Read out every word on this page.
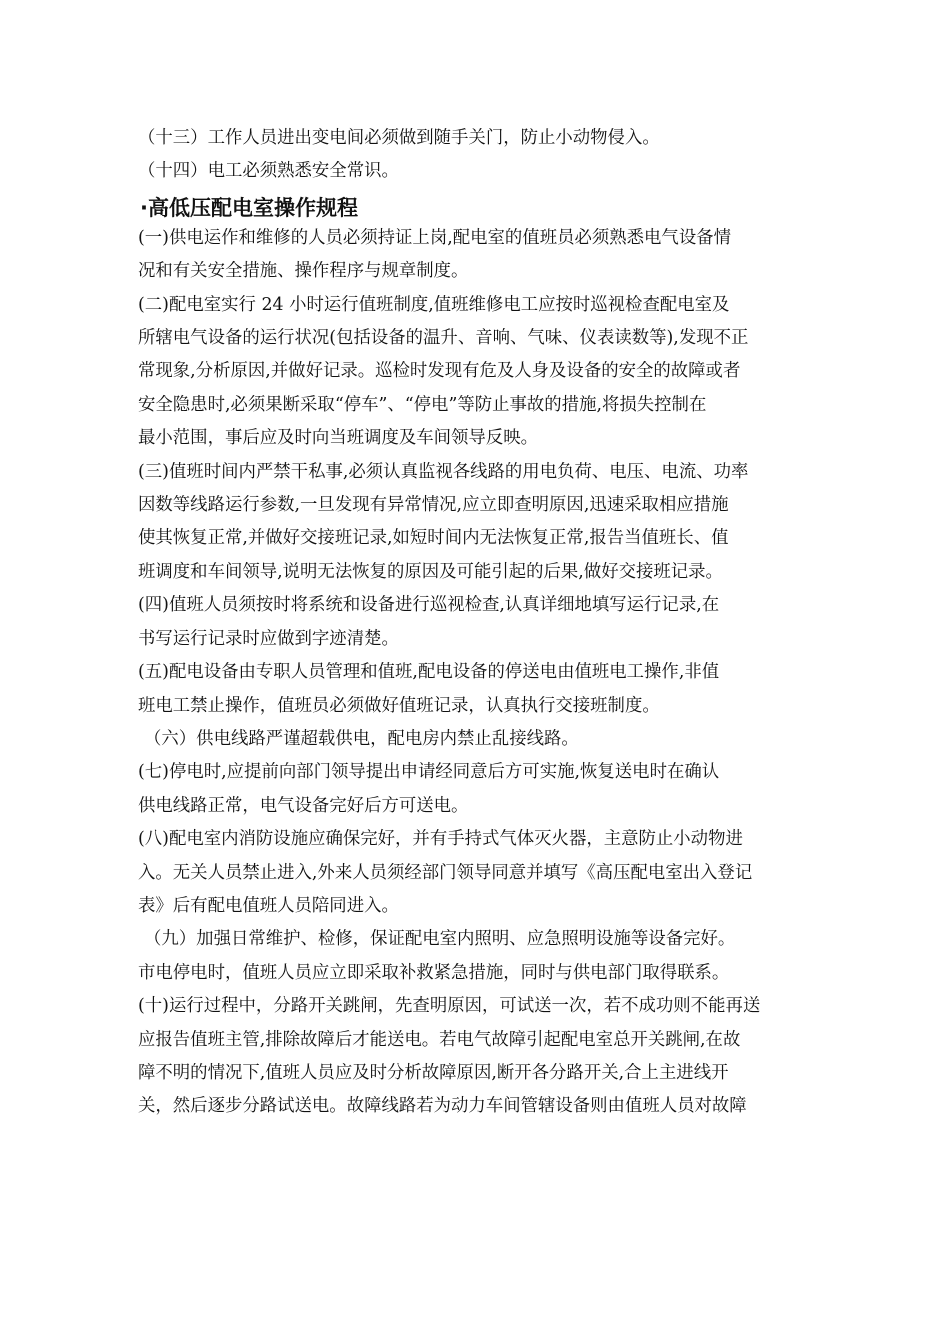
（十三）工作人员进出变电间必须做到随手关门，防止小动物侵入。

（十四）电工必须熟悉安全常识。

·高低压配电室操作规程

(一)供电运作和维修的人员必须持证上岗,配电室的值班员必须熟悉电气设备情

况和有关安全措施、操作程序与规章制度。

(二)配电室实行 24 小时运行值班制度,值班维修电工应按时巡视检查配电室及

所辖电气设备的运行状况(包括设备的温升、音响、气味、仪表读数等),发现不正

常现象,分析原因,并做好记录。巡检时发现有危及人身及设备的安全的故障或者

安全隐患时,必须果断采取“停车”、“停电”等防止事故的措施,将损失控制在

最小范围，事后应及时向当班调度及车间领导反映。

(三)值班时间内严禁干私事,必须认真监视各线路的用电负荷、电压、电流、功率

因数等线路运行参数,一旦发现有异常情况,应立即查明原因,迅速采取相应措施

使其恢复正常,并做好交接班记录,如短时间内无法恢复正常,报告当值班长、值

班调度和车间领导,说明无法恢复的原因及可能引起的后果,做好交接班记录。

(四)值班人员须按时将系统和设备进行巡视检查,认真详细地填写运行记录,在

书写运行记录时应做到字迹清楚。

(五)配电设备由专职人员管理和值班,配电设备的停送电由值班电工操作,非值

班电工禁止操作，值班员必须做好值班记录，认真执行交接班制度。

（六）供电线路严谨超载供电，配电房内禁止乱接线路。

(七)停电时,应提前向部门领导提出申请经同意后方可实施,恢复送电时在确认

供电线路正常，电气设备完好后方可送电。

(八)配电室内消防设施应确保完好，并有手持式气体灭火器，主意防止小动物进

入。无关人员禁止进入,外来人员须经部门领导同意并填写《高压配电室出入登记

表》后有配电值班人员陪同进入。

（九）加强日常维护、检修，保证配电室内照明、应急照明设施等设备完好。

市电停电时，值班人员应立即采取补救紧急措施，同时与供电部门取得联系。

(十)运行过程中，分路开关跳闸，先查明原因，可试送一次，若不成功则不能再送

应报告值班主管,排除故障后才能送电。若电气故障引起配电室总开关跳闸,在故

障不明的情况下,值班人员应及时分析故障原因,断开各分路开关,合上主进线开

关，然后逐步分路试送电。故障线路若为动力车间管辖设备则由值班人员对故障
